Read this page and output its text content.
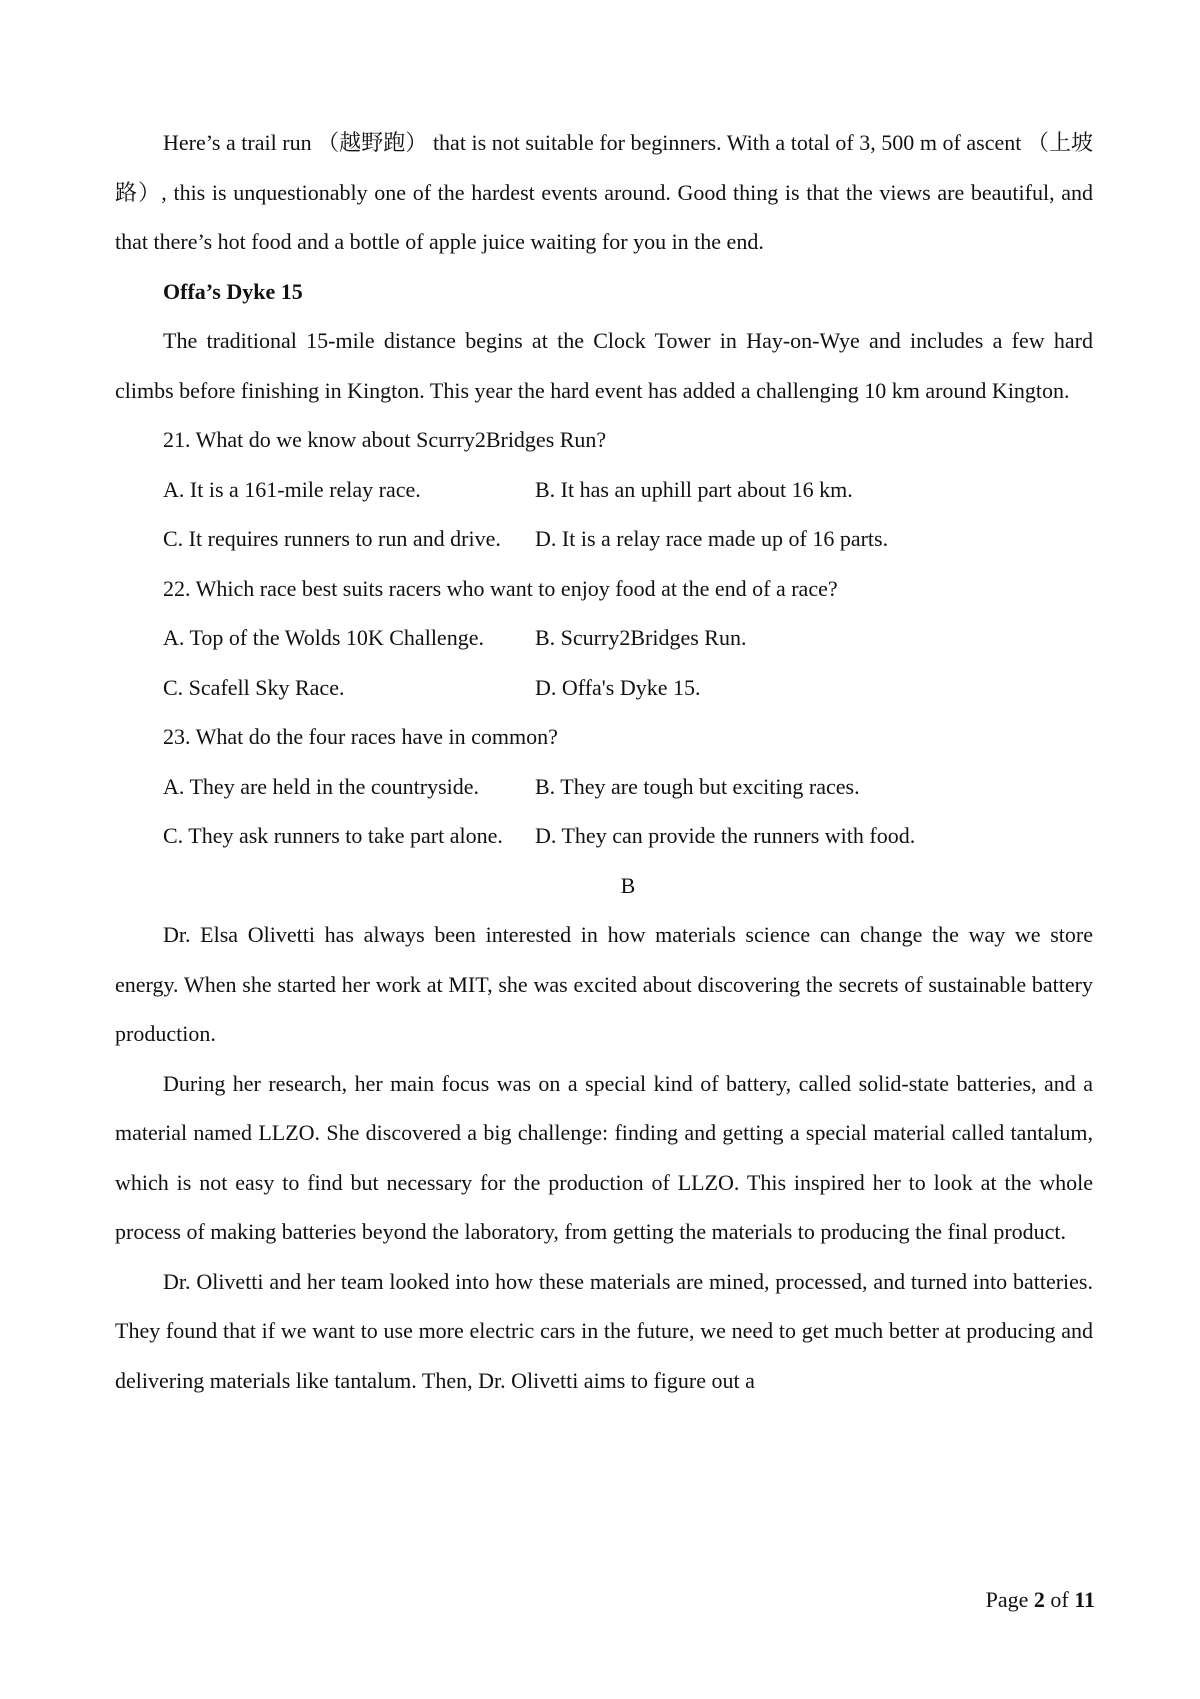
Here’s a trail run （越野跑） that is not suitable for beginners. With a total of 3, 500 m of ascent （上坡路）, this is unquestionably one of the hardest events around. Good thing is that the views are beautiful, and that there’s hot food and a bottle of apple juice waiting for you in the end.

Offa’s Dyke 15

The traditional 15-mile distance begins at the Clock Tower in Hay-on-Wye and includes a few hard climbs before finishing in Kington. This year the hard event has added a challenging 10 km around Kington.

21. What do we know about Scurry2Bridges Run?

A. It is a 161-mile relay race.	B. It has an uphill part about 16 km.
C. It requires runners to run and drive.	D. It is a relay race made up of 16 parts.

22. Which race best suits racers who want to enjoy food at the end of a race?

A. Top of the Wolds 10K Challenge.	B. Scurry2Bridges Run.
C. Scafell Sky Race.	D. Offa's Dyke 15.

23. What do the four races have in common?

A. They are held in the countryside.	B. They are tough but exciting races.
C. They ask runners to take part alone.	D. They can provide the runners with food.

B

Dr. Elsa Olivetti has always been interested in how materials science can change the way we store energy. When she started her work at MIT, she was excited about discovering the secrets of sustainable battery production.

During her research, her main focus was on a special kind of battery, called solid-state batteries, and a material named LLZO. She discovered a big challenge: finding and getting a special material called tantalum, which is not easy to find but necessary for the production of LLZO. This inspired her to look at the whole process of making batteries beyond the laboratory, from getting the materials to producing the final product.

Dr. Olivetti and her team looked into how these materials are mined, processed, and turned into batteries. They found that if we want to use more electric cars in the future, we need to get much better at producing and delivering materials like tantalum. Then, Dr. Olivetti aims to figure out a

Page 2 of 11
